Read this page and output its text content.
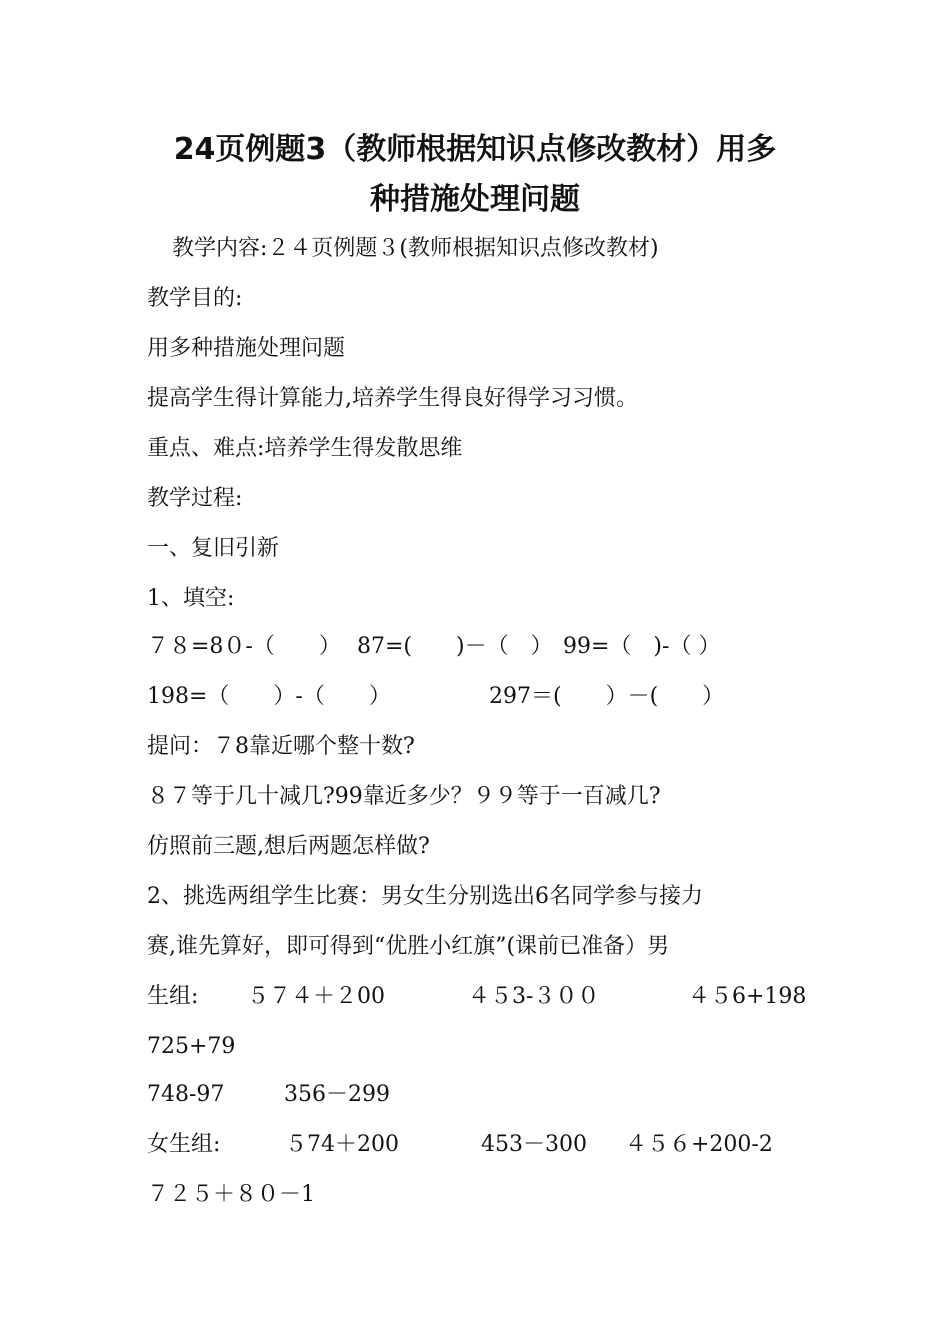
24页例题3（教师根据知识点修改教材）用多
种措施处理问题
教学内容:２４页例题３(教师根据知识点修改教材)
教学目的:
用多种措施处理问题
提高学生得计算能力,培养学生得良好得学习习惯。
重点、难点:培养学生得发散思维
教学过程:
一、复旧引新
1、填空:
７８=8０-（　　） 87=(　　)－（　） 99=（　)-（ ）
198=（　　）-（　　）	297＝(　　）－(　　）
提问：７8靠近哪个整十数?
８７等于几十减几?99靠近多少？９９等于一百减几?
仿照前三题,想后两题怎样做?
2、挑选两组学生比赛：男女生分别选出6名同学参与接力
赛,谁先算好，即可得到“优胜小红旗”(课前已准备）男
生组: ５７４＋２00	４５3-３００	４５6+198
725+79
748-97	356－299
女生组:	５74＋200	453－300 ４５６+200-2
７２５＋８０－1
